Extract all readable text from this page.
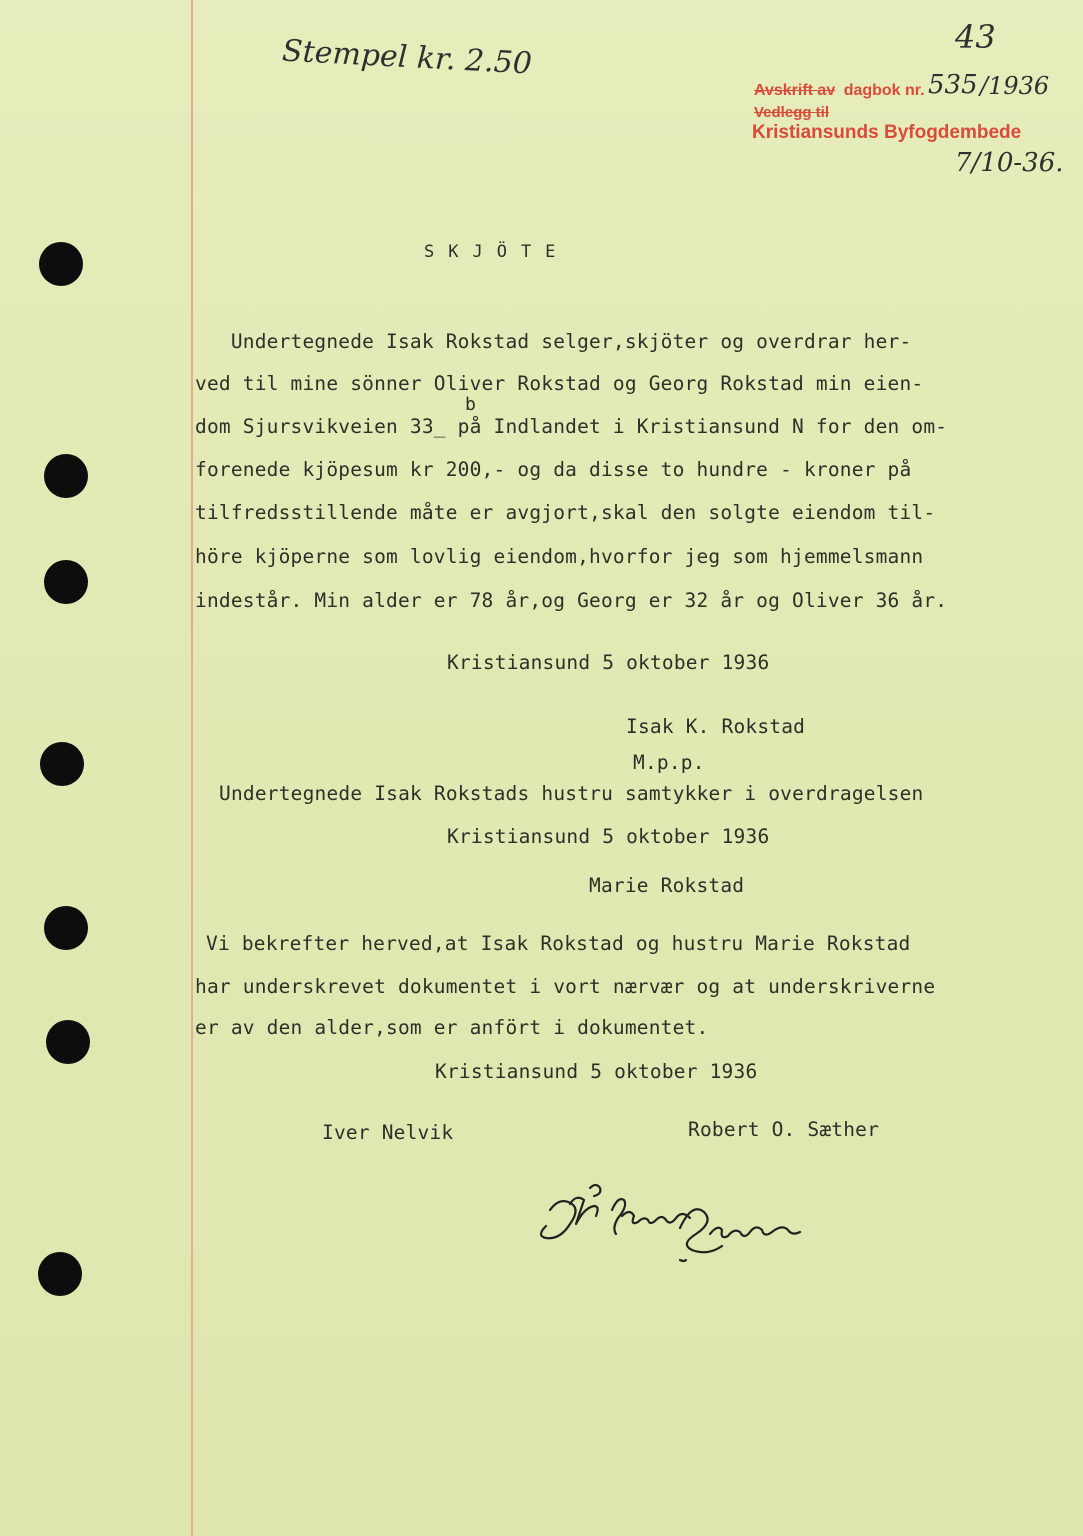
Stempel kr. 2.50	43
Avskrift av dagbok nr. 535 /1936
Vedlegg til
Kristiansunds Byfogdembede
7/10-36.
SKJÖTE
Undertegnede Isak Rokstad selger,skjöter og overdrar her-
ved til mine sönner Oliver Rokstad og Georg Rokstad min eien-
b
dom Sjursvikveien 33_ på Indlandet i Kristiansund N for den om-
forenede kjöpesum kr 200,- og da disse to hundre - kroner på
tilfredsstillende måte er avgjort,skal den solgte eiendom til-
höre kjöperne som lovlig eiendom,hvorfor jeg som hjemmelsmann
indestår. Min alder er 78 år,og Georg er 32 år og Oliver 36 år.
Kristiansund 5 oktober 1936
Isak K. Rokstad
M.p.p.
Undertegnede Isak Rokstads hustru samtykker i overdragelsen
Kristiansund 5 oktober 1936
Marie Rokstad
Vi bekrefter herved,at Isak Rokstad og hustru Marie Rokstad
har underskrevet dokumentet i vort nærvær og at underskriverne
er av den alder,som er anfört i dokumentet.
Kristiansund 5 oktober 1936
Iver Nelvik	Robert O. Sæther
